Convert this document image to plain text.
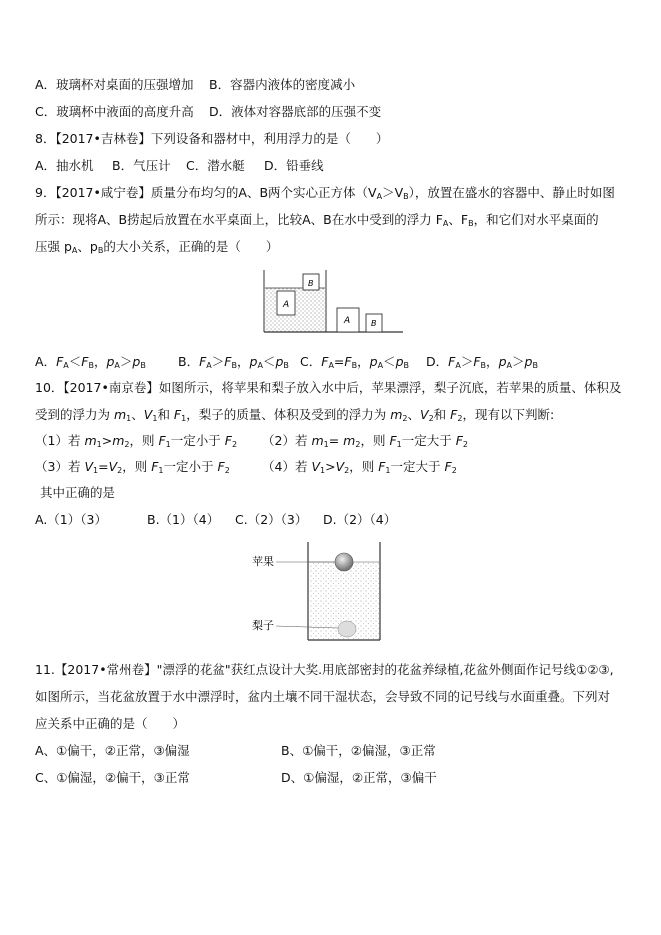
A．玻璃杯对桌面的压强增加 B．容器内液体的密度减小
C．玻璃杯中液面的高度升高 D．液体对容器底部的压强不变
8．【2017•吉林卷】下列设备和器材中，利用浮力的是（　　）
A．抽水机 B．气压计 C．潜水艇 D．铅垂线
9．【2017•咸宁卷】质量分布均匀的A、B两个实心正方体$(V_A>V_B)$，放置在盛水的容器中、静止时如图
所示：现将A、B捞起后放置在水平桌面上，比较A、B在水中受到的浮力 $F_A$、$F_B$，和它们对水平桌面的
压强 $p_A$、$p_B$的大小关系，正确的是（　　）
A
B
A	B
A．$F_A<F_B$，$p_A>p_B$	B．$F_A>F_B$，$p_A<p_B$ C．$F_A=F_B$，$p_A<p_B$ D．$F_A>F_B$，$p_A>p_B$
10．【2017•南京卷】如图所示，将苹果和梨子放入水中后，苹果漂浮，梨子沉底，若苹果的质量、体积及
受到的浮力为 $m_1$、$V_1$和 $F_1$，梨子的质量、体积及受到的浮力为 $m_2$、$V_2$和 $F_2$，现有以下判断:
（1）若 $m_1>m_2$，则 $F_1$一定小于 $F_2$ （2）若 $m_1= m_2$，则 $F_1$一定大于 $F_2$
（3）若 $V_1=V_2$，则 $F_1$一定小于 $F_2$	（4）若 $V_1>V_2$，则 $F_1$一定大于 $F_2$
其中正确的是
A.（1）（3）	B.（1）（4） C.（2）（3） D.（2）（4）
苹果
梨子
11.【2017•常州卷】"漂浮的花盆"获红点设计大奖.用底部密封的花盆养绿植,花盆外侧面作记号线①②③,
如图所示，当花盆放置于水中漂浮时，盆内土壤不同干湿状态，会导致不同的记号线与水面重叠。下列对
应关系中正确的是（　　）
A、①偏干，②正常，③偏湿	B、①偏干，②偏湿，③正常
C、①偏湿，②偏干，③正常	D、①偏湿，②正常，③偏干
